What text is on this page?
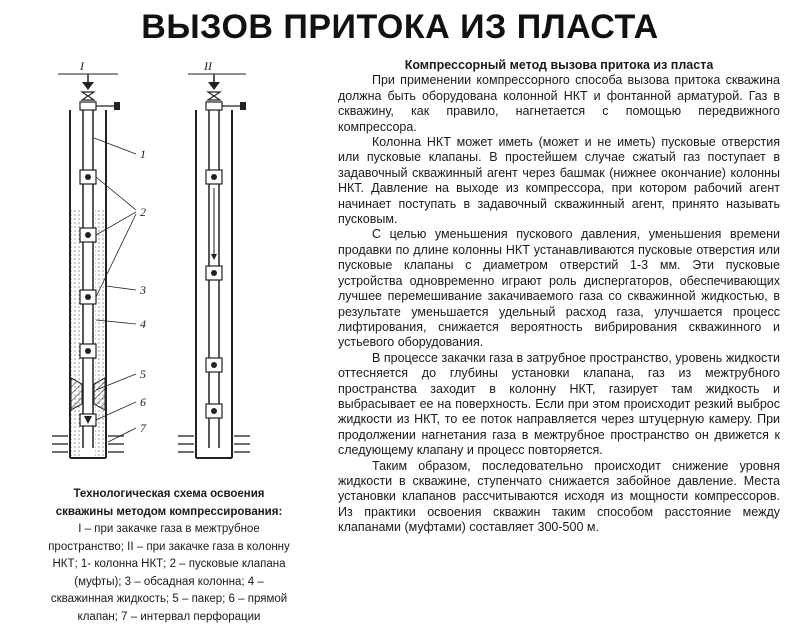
ВЫЗОВ ПРИТОКА ИЗ ПЛАСТА
I
1
2
3
4
5
6
7
II
Технологическая схема освоения
скважины методом компрессирования:
I – при закачке газа в межтрубное
пространство; II – при закачке газа в колонну
НКТ; 1- колонна НКТ; 2 – пусковые клапана
(муфты); 3 – обсадная колонна; 4 –
скважинная жидкость; 5 – пакер; 6 – прямой
клапан; 7 – интервал перфорации

Компрессорный метод вызова притока из пласта

При применении компрессорного способа вызова притока скважина должна быть оборудована колонной НКТ и фонтанной арматурой. Газ в скважину, как правило, нагнетается с помощью передвижного компрессора.

Колонна НКТ может иметь (может и не иметь) пусковые отверстия или пусковые клапаны. В простейшем случае сжатый газ поступает в задавочный скважинный агент через башмак (нижнее окончание) колонны НКТ. Давление на выходе из компрессора, при котором рабочий агент начинает поступать в задавочный скважинный агент, принято называть пусковым.

С целью уменьшения пускового давления, уменьшения времени продавки по длине колонны НКТ устанавливаются пусковые отверстия или пусковые клапаны с диаметром отверстий 1-3 мм. Эти пусковые устройства одновременно играют роль диспергаторов, обеспечивающих лучшее перемешивание закачиваемого газа со скважинной жидкостью, в результате уменьшается удельный расход газа, улучшается процесс лифтирования, снижается вероятность вибрирования скважинного и устьевого оборудования.

В процессе закачки газа в затрубное пространство, уровень жидкости оттесняется до глубины установки клапана, газ из межтрубного пространства заходит в колонну НКТ, газирует там жидкость и выбрасывает ее на поверхность. Если при этом происходит резкий выброс жидкости из НКТ, то ее поток направляется через штуцерную камеру. При продолжении нагнетания газа в межтрубное пространство он движется к следующему клапану и процесс повторяется.

Таким образом, последовательно происходит снижение уровня жидкости в скважине, ступенчато снижается забойное давление. Места установки клапанов рассчитываются исходя из мощности компрессоров. Из практики освоения скважин таким способом расстояние между клапанами (муфтами) составляет 300-500 м.
